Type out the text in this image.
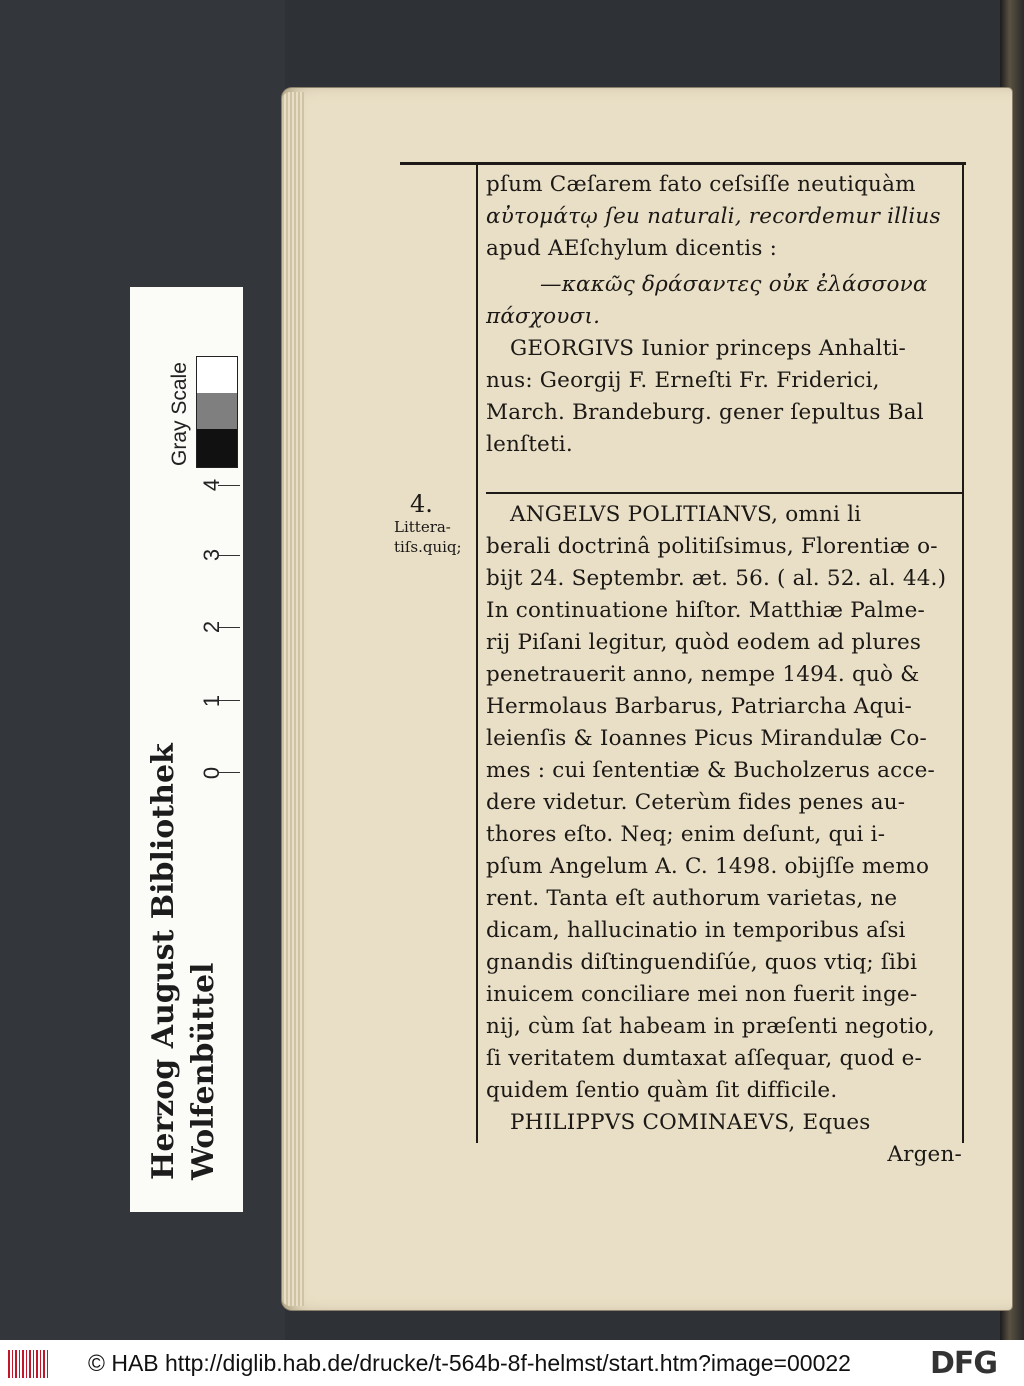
Gray Scale
4
3
2
1
0
Herzog August Bibliothek Wolfenbüttel
pſum Cæſarem fato ceſsiſſe neutiquàm
αὐτομάτῳ ſeu naturali, recordemur illius
apud AEſchylum dicentis :
—κακῶς δράσαντες οὐκ ἐλάσσονα
πάσχουσι.
GEORGIVS Iunior princeps Anhalti-
nus: Georgij F. Erneſti Fr. Friderici,
March. Brandeburg. gener ſepultus Bal
lenſteti.
4.
Littera-
tiſs.quiq;
ANGELVS POLITIANVS, omni li
berali doctrinâ politiſsimus, Florentiæ o-
bijt 24. Septembr. æt. 56. ( al. 52. al. 44.)
In continuatione hiſtor. Matthiæ Palme-
rij Piſani legitur, quòd eodem ad plures
penetrauerit anno, nempe 1494. quò &
Hermolaus Barbarus, Patriarcha Aqui-
leienſis & Ioannes Picus Mirandulæ Co-
mes : cui ſententiæ & Bucholzerus acce-
dere videtur. Ceterùm fides penes au-
thores eſto. Neq; enim deſunt, qui i-
pſum Angelum A. C. 1498. obijſſe memo
rent. Tanta eſt authorum varietas, ne
dicam, hallucinatio in temporibus aſsi
gnandis diſtinguendiſúe, quos vtiq; ſibi
inuicem conciliare mei non fuerit inge-
nij, cùm ſat habeam in præſenti negotio,
ſi veritatem dumtaxat aſſequar, quod e-
quidem ſentio quàm ſit difficile.
PHILIPPVS COMINAEVS, Eques
Argen-
© HAB http://diglib.hab.de/drucke/t-564b-8f-helmst/start.htm?image=00022	DFG
